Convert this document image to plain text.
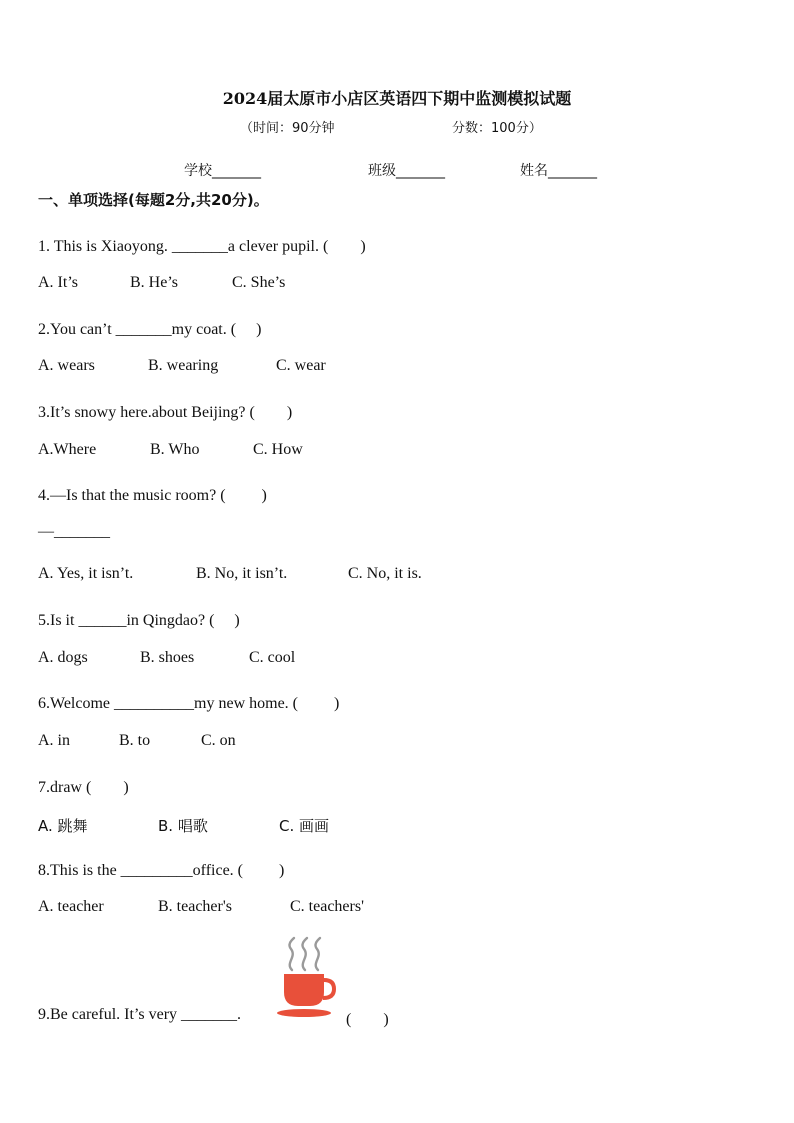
2024届太原市小店区英语四下期中监测模拟试题
（时间：90分钟	分数：100分）
学校_______	班级_______	姓名_______
一、单项选择(每题2分,共20分)。
1. This is Xiaoyong. _______a clever pupil. (　　)
A. It’s	B. He’s	C. She’s
2.You can’t _______my coat. (　 )
A. wears	B. wearing	C. wear
3.It’s snowy here.about Beijing? (　　)
A.Where	B. Who	C. How
4.—Is that the music room? (　　 )
—_______
A. Yes, it isn’t.	B. No, it isn’t.	C. No, it is.
5.Is it ______in Qingdao? (　 )
A. dogs	B. shoes	C. cool
6.Welcome __________my new home. (　　 )
A. in	B. to	C. on
7.draw (　　)
A. 跳舞	B. 唱歌	C. 画画
8.This is the _________office. (　　 )
A. teacher	B. teacher's	C. teachers'
9.Be careful. It’s very _______.	(　　)
